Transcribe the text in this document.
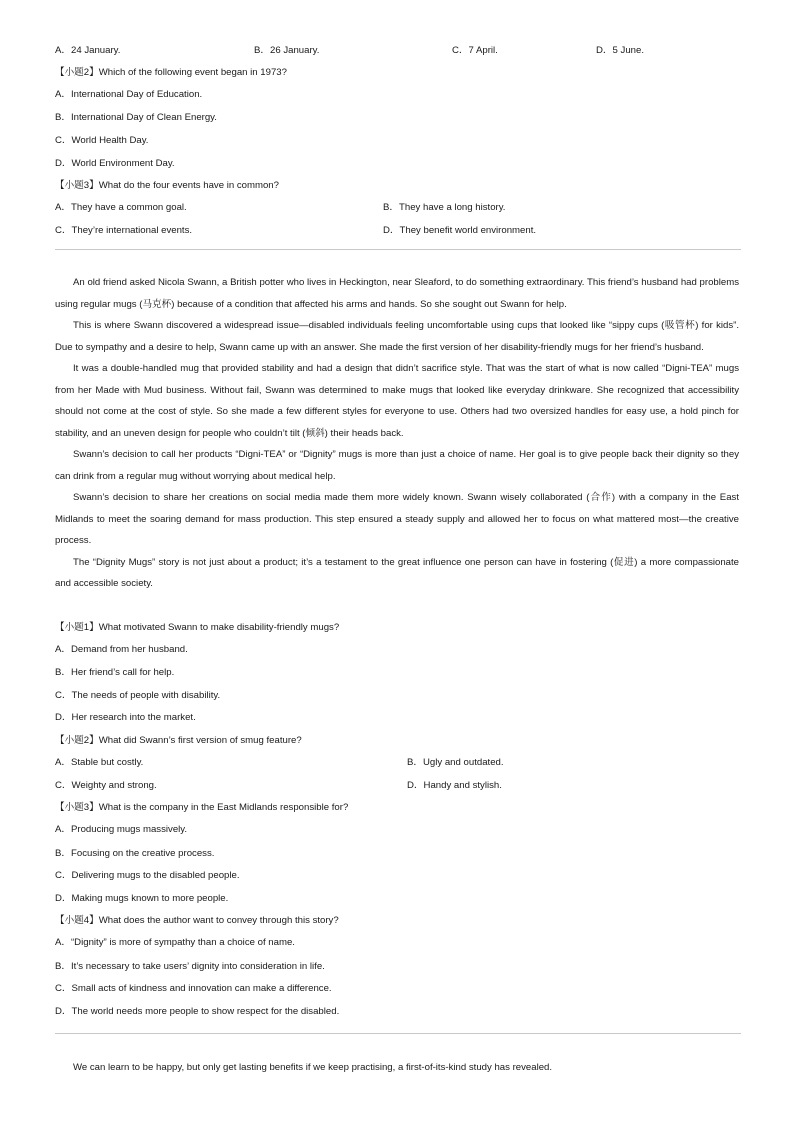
A．24 January.	B．26 January.	C．7 April.	D．5 June.
【小题2】Which of the following event began in 1973?
A．International Day of Education.
B．International Day of Clean Energy.
C．World Health Day.
D．World Environment Day.
【小题3】What do the four events have in common?
A．They have a common goal.	B．They have a long history.
C．They’re international events.	D．They benefit world environment.

An old friend asked Nicola Swann, a British potter who lives in Heckington, near Sleaford, to do something extraordinary. This friend’s husband had problems using regular mugs (马克杯) because of a condition that affected his arms and hands. So she sought out Swann for help.

This is where Swann discovered a widespread issue—disabled individuals feeling uncomfortable using cups that looked like “sippy cups (吸管杯) for kids”. Due to sympathy and a desire to help, Swann came up with an answer. She made the first version of her disability-friendly mugs for her friend’s husband.

It was a double-handled mug that provided stability and had a design that didn’t sacrifice style. That was the start of what is now called “Digni-TEA” mugs from her Made with Mud business. Without fail, Swann was determined to make mugs that looked like everyday drinkware. She recognized that accessibility should not come at the cost of style. So she made a few different styles for everyone to use. Others had two oversized handles for easy use, a hold pinch for stability, and an uneven design for people who couldn’t tilt (倾斜) their heads back.

Swann’s decision to call her products “Digni-TEA” or “Dignity” mugs is more than just a choice of name. Her goal is to give people back their dignity so they can drink from a regular mug without worrying about medical help.

Swann’s decision to share her creations on social media made them more widely known. Swann wisely collaborated (合作) with a company in the East Midlands to meet the soaring demand for mass production. This step ensured a steady supply and allowed her to focus on what mattered most—the creative process.

The “Dignity Mugs” story is not just about a product; it’s a testament to the great influence one person can have in fostering (促进) a more compassionate and accessible society.

【小题1】What motivated Swann to make disability-friendly mugs?
A．Demand from her husband.
B．Her friend’s call for help.
C．The needs of people with disability.
D．Her research into the market.
【小题2】What did Swann’s first version of smug feature?
A．Stable but costly.	B．Ugly and outdated.
C．Weighty and strong.	D．Handy and stylish.
【小题3】What is the company in the East Midlands responsible for?
A．Producing mugs massively.
B．Focusing on the creative process.
C．Delivering mugs to the disabled people.
D．Making mugs known to more people.
【小题4】What does the author want to convey through this story?
A．“Dignity” is more of sympathy than a choice of name.
B．It’s necessary to take users’ dignity into consideration in life.
C．Small acts of kindness and innovation can make a difference.
D．The world needs more people to show respect for the disabled.
We can learn to be happy, but only get lasting benefits if we keep practising, a first-of-its-kind study has revealed.
